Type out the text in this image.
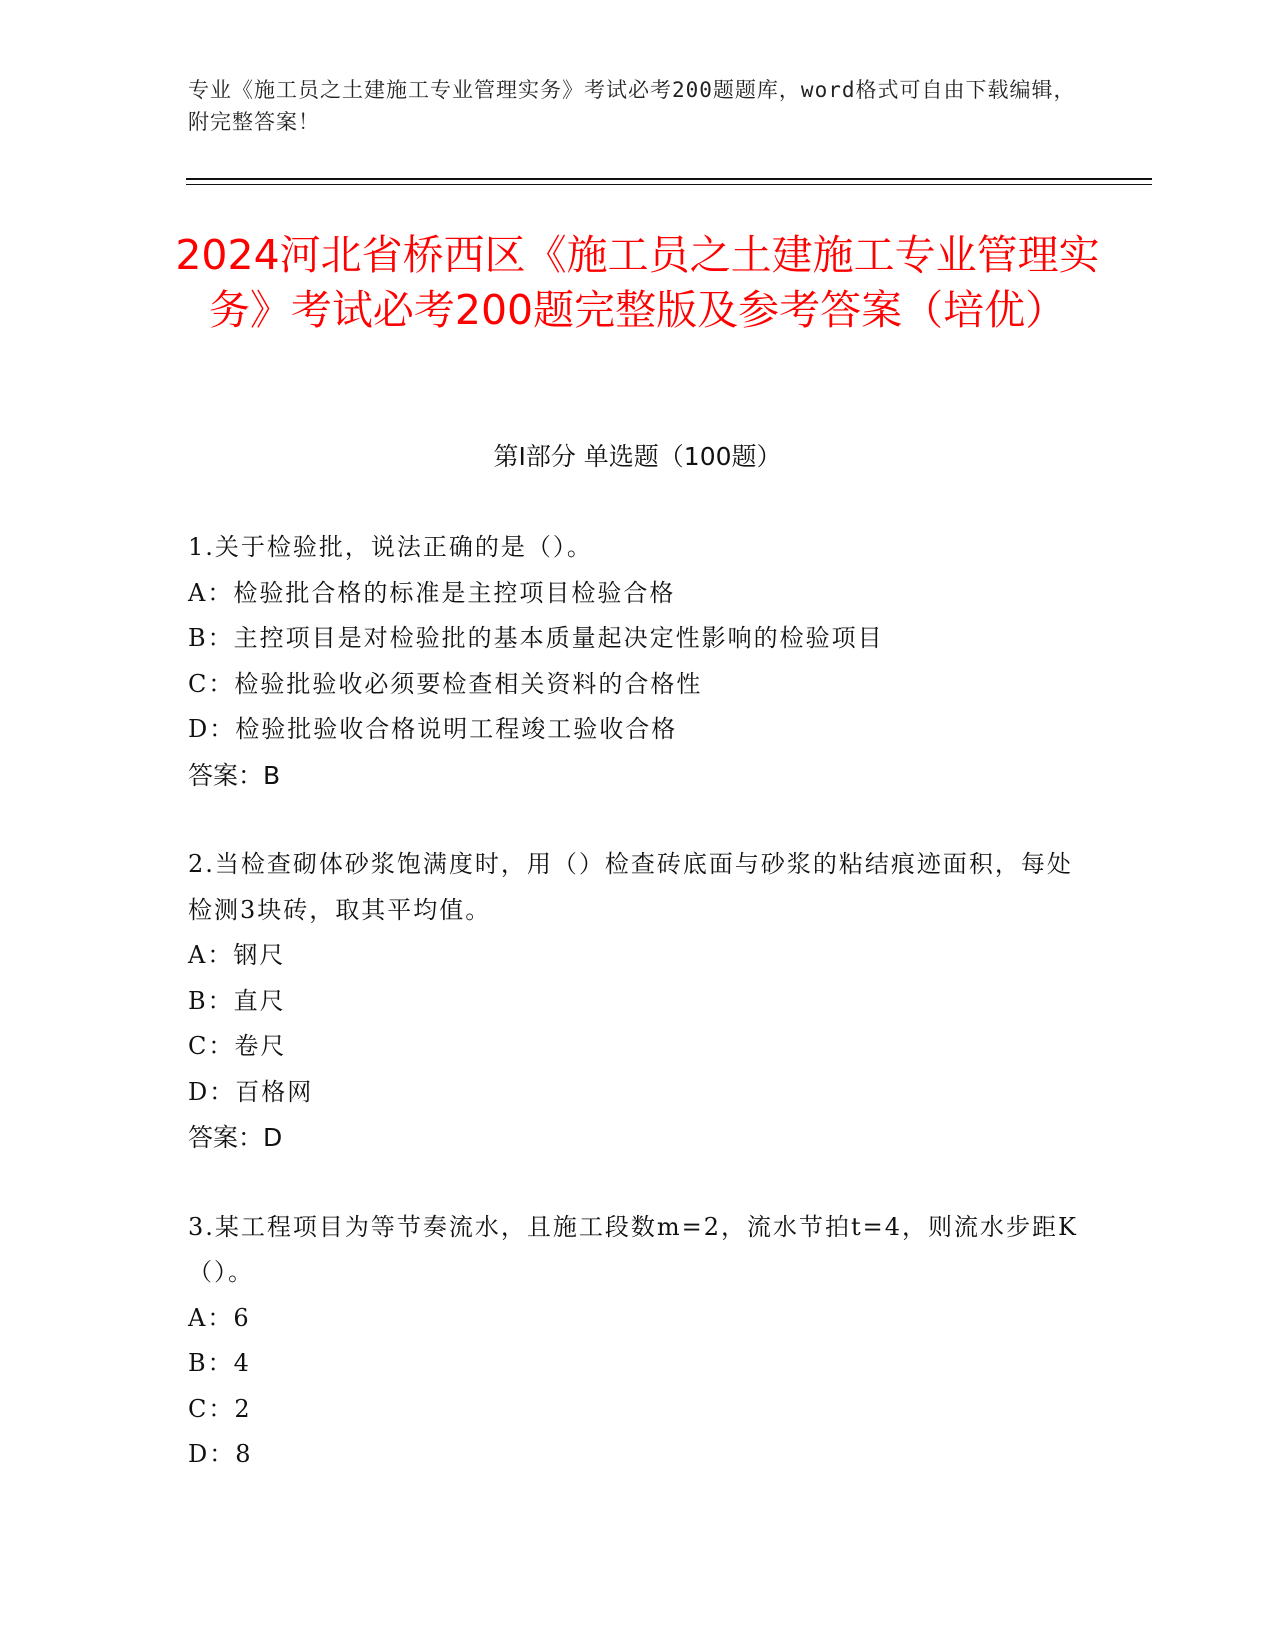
专业《施工员之土建施工专业管理实务》考试必考200题题库，word格式可自由下载编辑，附完整答案！
2024河北省桥西区《施工员之土建施工专业管理实务》考试必考200题完整版及参考答案（培优）
第I部分 单选题（100题）
1.关于检验批，说法正确的是（）。
A：检验批合格的标准是主控项目检验合格
B：主控项目是对检验批的基本质量起决定性影响的检验项目
C：检验批验收必须要检查相关资料的合格性
D：检验批验收合格说明工程竣工验收合格
答案：B
2.当检查砌体砂浆饱满度时，用（）检查砖底面与砂浆的粘结痕迹面积，每处检测3块砖，取其平均值。
A：钢尺
B：直尺
C：卷尺
D：百格网
答案：D
3.某工程项目为等节奏流水，且施工段数m=2，流水节拍t=4，则流水步距K（）。
A：6
B：4
C：2
D：8
